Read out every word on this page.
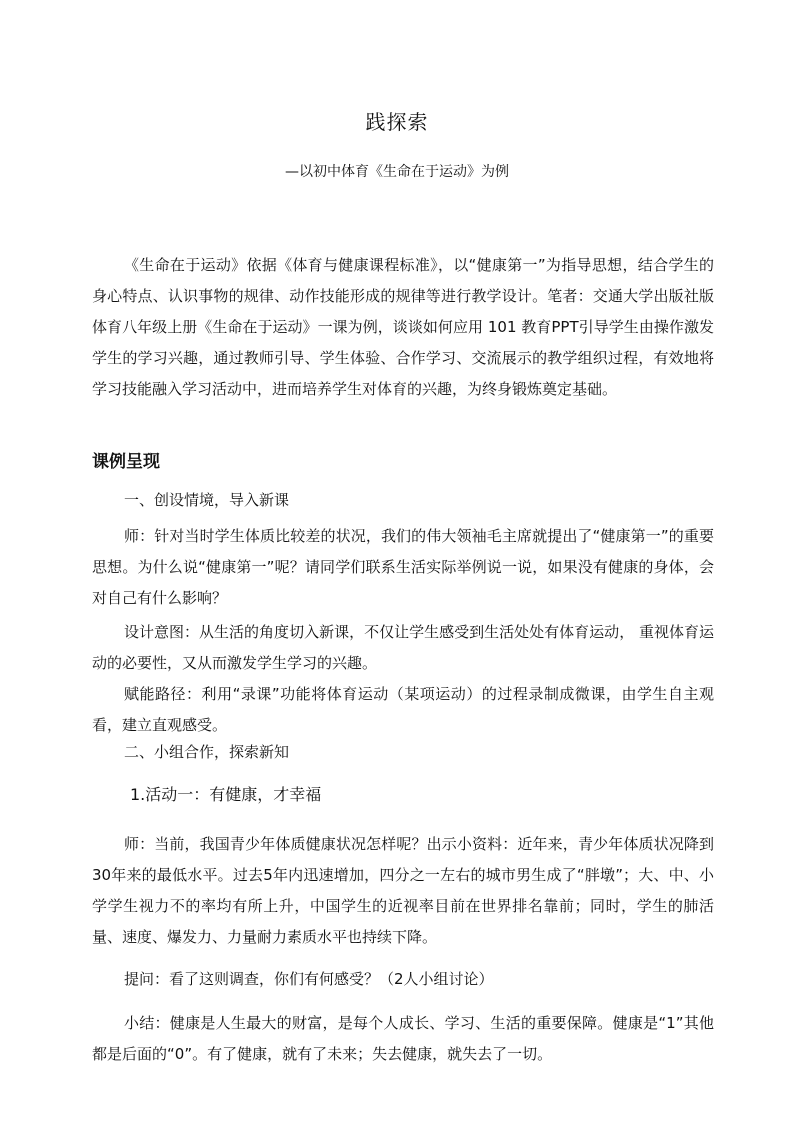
践探索
—以初中体育《生命在于运动》为例

《生命在于运动》依据《体育与健康课程标准》，以“健康第一”为指导思想，结合学生的身心特点、认识事物的规律、动作技能形成的规律等进行教学设计。笔者：交通大学出版社版体育八年级上册《生命在于运动》一课为例，谈谈如何应用 101 教育PPT引导学生由操作激发学生的学习兴趣，通过教师引导、学生体验、合作学习、交流展示的教学组织过程，有效地将学习技能融入学习活动中，进而培养学生对体育的兴趣，为终身锻炼奠定基础。

课例呈现
一、创设情境，导入新课

师：针对当时学生体质比较差的状况，我们的伟大领袖毛主席就提出了“健康第一”的重要思想。为什么说“健康第一”呢？请同学们联系生活实际举例说一说，如果没有健康的身体，会对自己有什么影响？

设计意图：从生活的角度切入新课，不仅让学生感受到生活处处有体育运动， 重视体育运动的必要性，又从而激发学生学习的兴趣。

赋能路径：利用“录课”功能将体育运动（某项运动）的过程录制成微课，由学生自主观看，建立直观感受。

二、小组合作，探索新知
1.活动一：有健康，才幸福

师：当前，我国青少年体质健康状况怎样呢？出示小资料：近年来，青少年体质状况降到30年来的最低水平。过去5年内迅速增加，四分之一左右的城市男生成了“胖墩”；大、中、小学学生视力不的率均有所上升，中国学生的近视率目前在世界排名靠前；同时，学生的肺活量、速度、爆发力、力量耐力素质水平也持续下降。

提问：看了这则调查，你们有何感受？（2人小组讨论）

小结：健康是人生最大的财富，是每个人成长、学习、生活的重要保障。健康是“1”其他都是后面的“0”。有了健康，就有了未来；失去健康，就失去了一切。
